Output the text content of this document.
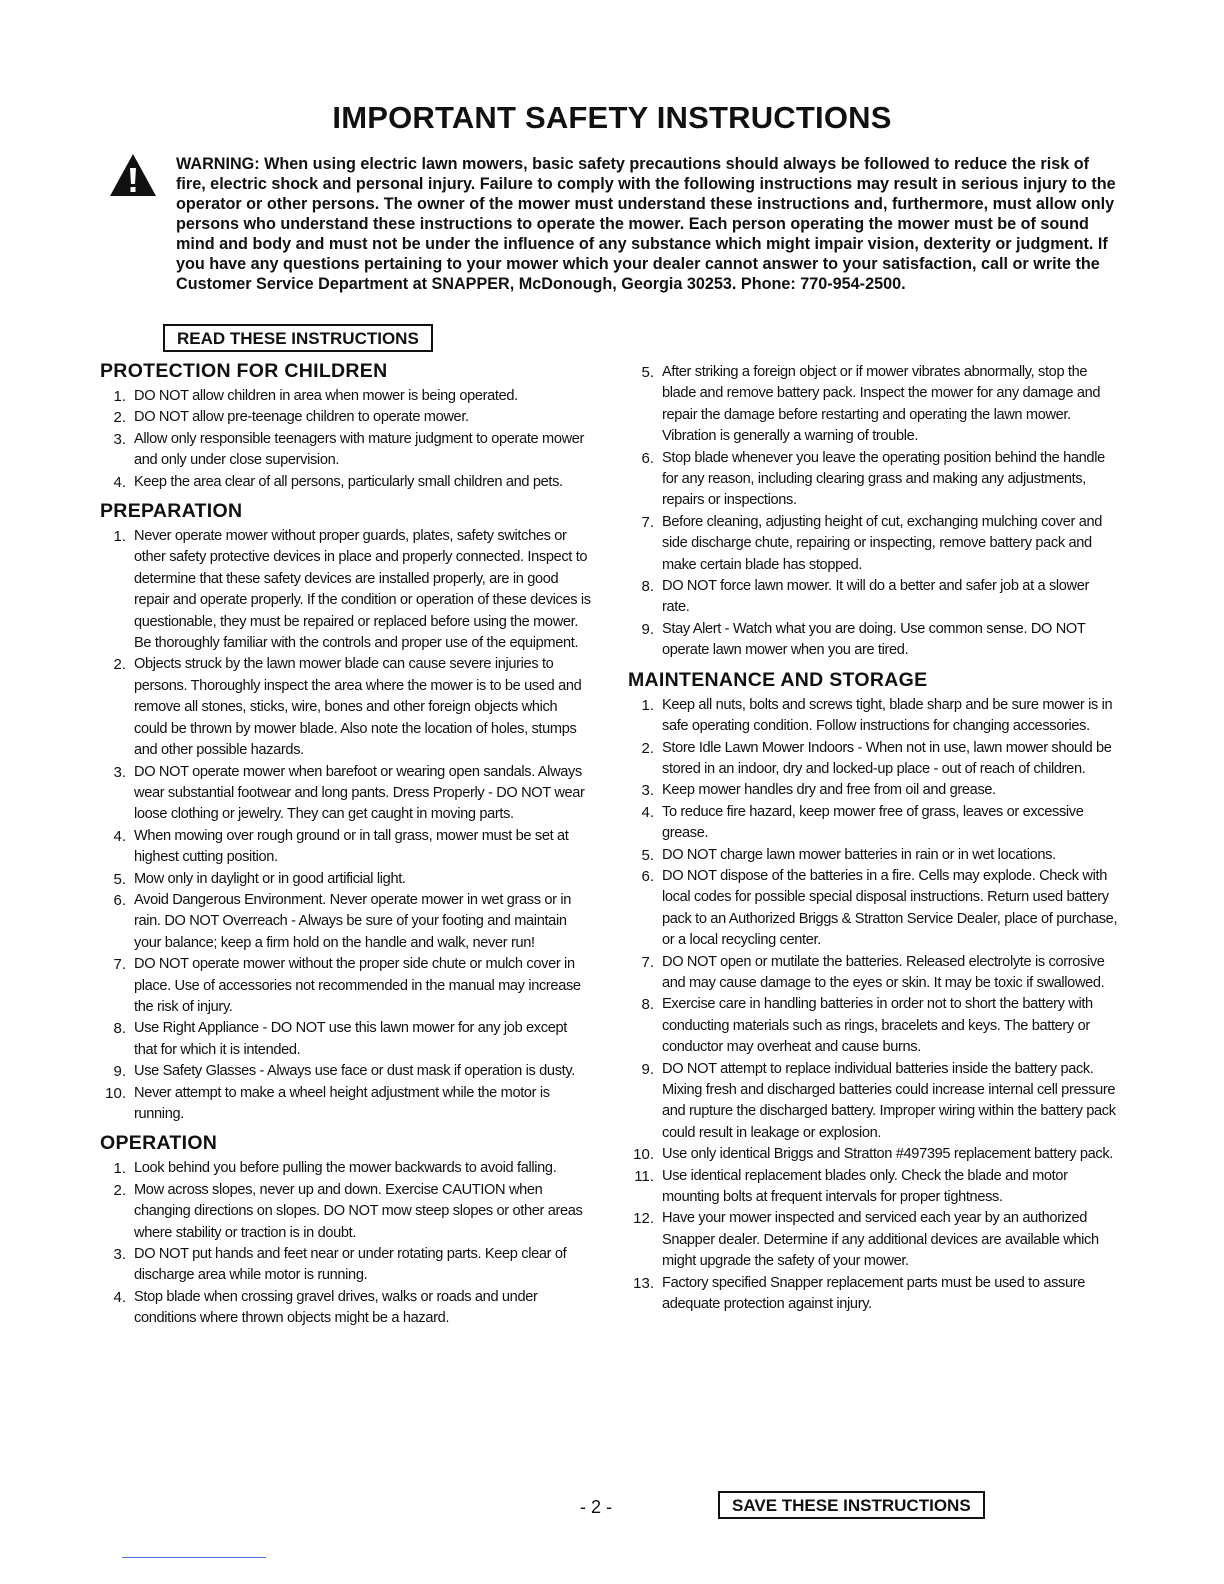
IMPORTANT SAFETY INSTRUCTIONS
WARNING: When using electric lawn mowers, basic safety precautions should always be followed to reduce the risk of fire, electric shock and personal injury. Failure to comply with the following instructions may result in serious injury to the operator or other persons. The owner of the mower must understand these instructions and, furthermore, must allow only persons who understand these instructions to operate the mower. Each person operating the mower must be of sound mind and body and must not be under the influence of any substance which might impair vision, dexterity or judgment. If you have any questions pertaining to your mower which your dealer cannot answer to your satisfaction, call or write the Customer Service Department at SNAPPER, McDonough, Georgia 30253. Phone: 770-954-2500.
READ THESE INSTRUCTIONS
PROTECTION FOR CHILDREN
1. DO NOT allow children in area when mower is being operated.
2. DO NOT allow pre-teenage children to operate mower.
3. Allow only responsible teenagers with mature judgment to operate mower and only under close supervision.
4. Keep the area clear of all persons, particularly small children and pets.
PREPARATION
1. Never operate mower without proper guards, plates, safety switches or other safety protective devices in place and properly connected. Inspect to determine that these safety devices are installed properly, are in good repair and operate properly. If the condition or operation of these devices is questionable, they must be repaired or replaced before using the mower. Be thoroughly familiar with the controls and proper use of the equipment.
2. Objects struck by the lawn mower blade can cause severe injuries to persons. Thoroughly inspect the area where the mower is to be used and remove all stones, sticks, wire, bones and other foreign objects which could be thrown by mower blade. Also note the location of holes, stumps and other possible hazards.
3. DO NOT operate mower when barefoot or wearing open sandals. Always wear substantial footwear and long pants. Dress Properly - DO NOT wear loose clothing or jewelry. They can get caught in moving parts.
4. When mowing over rough ground or in tall grass, mower must be set at highest cutting position.
5. Mow only in daylight or in good artificial light.
6. Avoid Dangerous Environment. Never operate mower in wet grass or in rain. DO NOT Overreach - Always be sure of your footing and maintain your balance; keep a firm hold on the handle and walk, never run!
7. DO NOT operate mower without the proper side chute or mulch cover in place. Use of accessories not recommended in the manual may increase the risk of injury.
8. Use Right Appliance - DO NOT use this lawn mower for any job except that for which it is intended.
9. Use Safety Glasses - Always use face or dust mask if operation is dusty.
10. Never attempt to make a wheel height adjustment while the motor is running.
OPERATION
1. Look behind you before pulling the mower backwards to avoid falling.
2. Mow across slopes, never up and down. Exercise CAUTION when changing directions on slopes. DO NOT mow steep slopes or other areas where stability or traction is in doubt.
3. DO NOT put hands and feet near or under rotating parts. Keep clear of discharge area while motor is running.
4. Stop blade when crossing gravel drives, walks or roads and under conditions where thrown objects might be a hazard.
5. After striking a foreign object or if mower vibrates abnormally, stop the blade and remove battery pack. Inspect the mower for any damage and repair the damage before restarting and operating the lawn mower. Vibration is generally a warning of trouble.
6. Stop blade whenever you leave the operating position behind the handle for any reason, including clearing grass and making any adjustments, repairs or inspections.
7. Before cleaning, adjusting height of cut, exchanging mulching cover and side discharge chute, repairing or inspecting, remove battery pack and make certain blade has stopped.
8. DO NOT force lawn mower. It will do a better and safer job at a slower rate.
9. Stay Alert - Watch what you are doing. Use common sense. DO NOT operate lawn mower when you are tired.
MAINTENANCE AND STORAGE
1. Keep all nuts, bolts and screws tight, blade sharp and be sure mower is in safe operating condition. Follow instructions for changing accessories.
2. Store Idle Lawn Mower Indoors - When not in use, lawn mower should be stored in an indoor, dry and locked-up place - out of reach of children.
3. Keep mower handles dry and free from oil and grease.
4. To reduce fire hazard, keep mower free of grass, leaves or excessive grease.
5. DO NOT charge lawn mower batteries in rain or in wet locations.
6. DO NOT dispose of the batteries in a fire. Cells may explode. Check with local codes for possible special disposal instructions. Return used battery pack to an Authorized Briggs & Stratton Service Dealer, place of purchase, or a local recycling center.
7. DO NOT open or mutilate the batteries. Released electrolyte is corrosive and may cause damage to the eyes or skin. It may be toxic if swallowed.
8. Exercise care in handling batteries in order not to short the battery with conducting materials such as rings, bracelets and keys. The battery or conductor may overheat and cause burns.
9. DO NOT attempt to replace individual batteries inside the battery pack. Mixing fresh and discharged batteries could increase internal cell pressure and rupture the discharged battery. Improper wiring within the battery pack could result in leakage or explosion.
10. Use only identical Briggs and Stratton #497395 replacement battery pack.
11. Use identical replacement blades only. Check the blade and motor mounting bolts at frequent intervals for proper tightness.
12. Have your mower inspected and serviced each year by an authorized Snapper dealer. Determine if any additional devices are available which might upgrade the safety of your mower.
13. Factory specified Snapper replacement parts must be used to assure adequate protection against injury.
- 2 -	SAVE THESE INSTRUCTIONS
